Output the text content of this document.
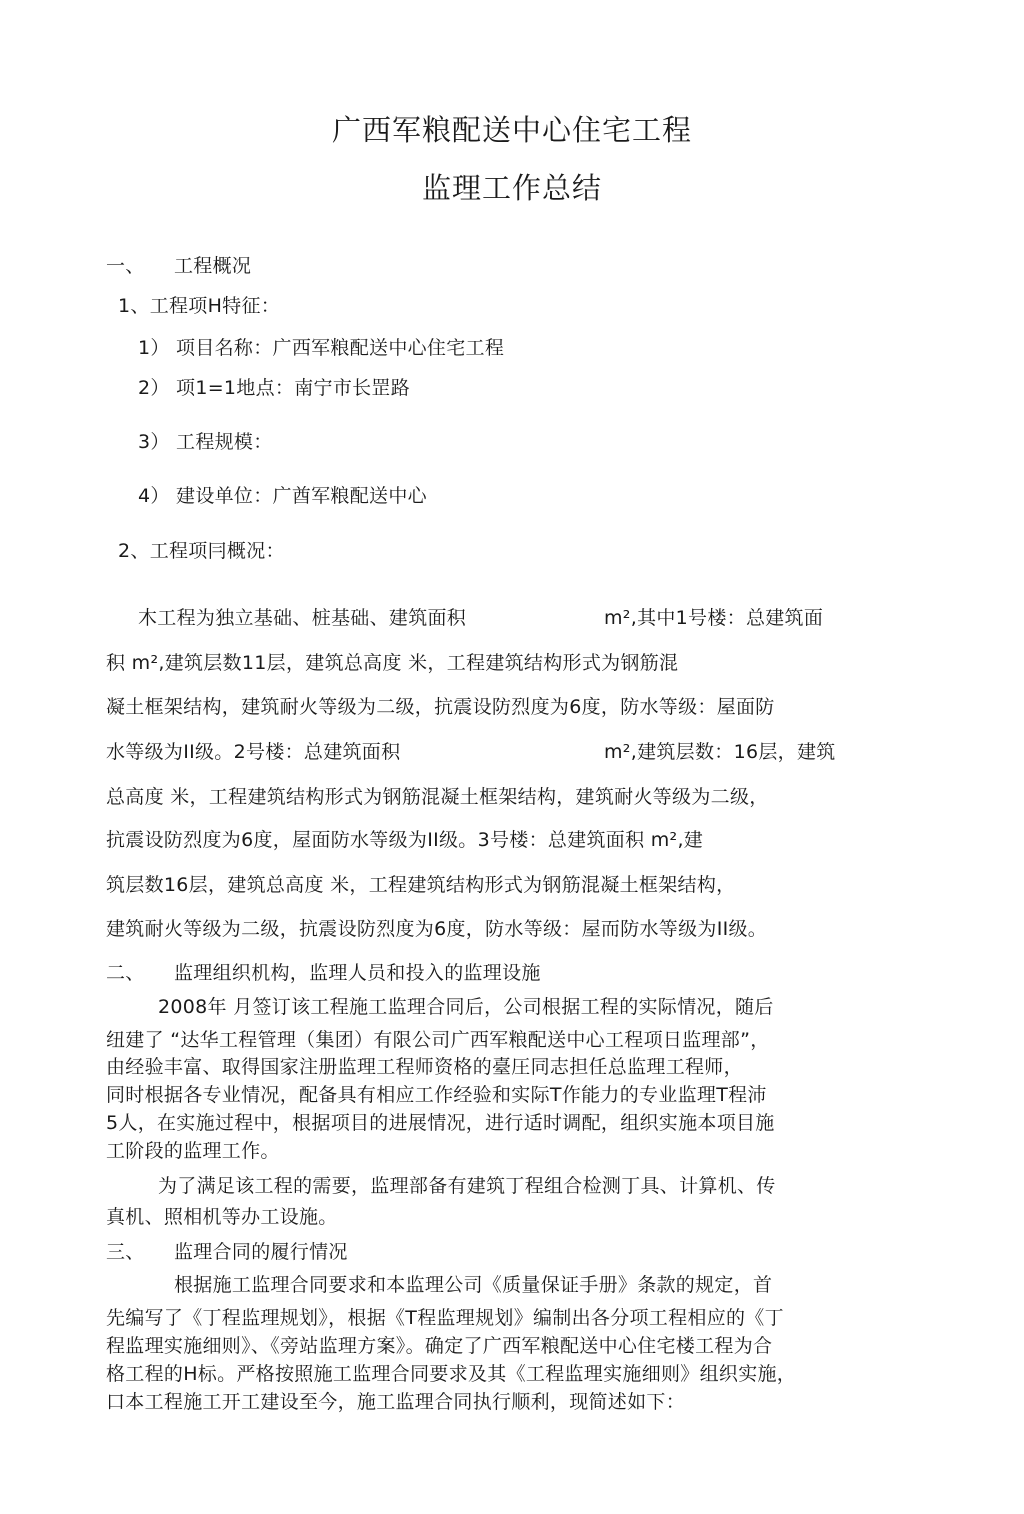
广西军粮配送中心住宅工程
监理工作总结
一、 工程概况
1、工程项H特征：
1） 项目名称：广西军粮配送中心住宅工程
2） 项1=1地点：南宁市长罡路
3） 工程规模：
4） 建设单位：广酋军粮配送中心
2、工程项冃概况：
木工程为独立基础、桩基础、建筑面积	m²,其中1号楼：总建筑面
积 m²,建筑层数11层，建筑总高度 米，工程建筑结构形式为钢筋混
凝土框架结构，建筑耐火等级为二级，抗震设防烈度为6度，防水等级：屋面防
水等级为II级。2号楼：总建筑面积	m²,建筑层数：16层，建筑
总高度 米，工程建筑结构形式为钢筋混凝土框架结构，建筑耐火等级为二级，
抗震设防烈度为6度，屋面防水等级为II级。3号楼：总建筑面积 m²,建
筑层数16层，建筑总高度 米，工程建筑结构形式为钢筋混凝土框架结构，
建筑耐火等级为二级，抗震设防烈度为6度，防水等级：屋而防水等级为II级。
二、 监理组织机构，监理人员和投入的监理设施
2008年 月签订该工程施工监理合同后，公司根据工程的实际情况，随后
纽建了 “达华工程管理（集团）有限公司广西军粮配送中心工程项日监理部”，
由经验丰富、取得国家注册监理工程师资格的臺圧同志担任总监理工程师，
同时根据各专业情况，配备具有相应工作经验和实际T作能力的专业监理T程沛
5人，在实施过程中，根据项目的进展情况，进行适时调配，组织实施本项目施
工阶段的监理工作。
为了满足该工程的需要，监理部备有建筑丁程组合检测丁具、计算机、传
真机、照相机等办工设施。
三、 监理合同的履行情况
根据施工监理合同要求和本监理公司《质量保证手册》条款的规定，首
先编写了《丁程监理规划》，根据《T程监理规划》编制出各分项工程相应的《丁
程监理实施细则》、《旁站监理方案》。确定了广西军粮配送中心住宅楼工程为合
格工程的H标。严格按照施工监理合同要求及其《工程监理实施细则》组织实施，
口本工程施工开工建设至今，施工监理合同执行顺利，现简述如下：
